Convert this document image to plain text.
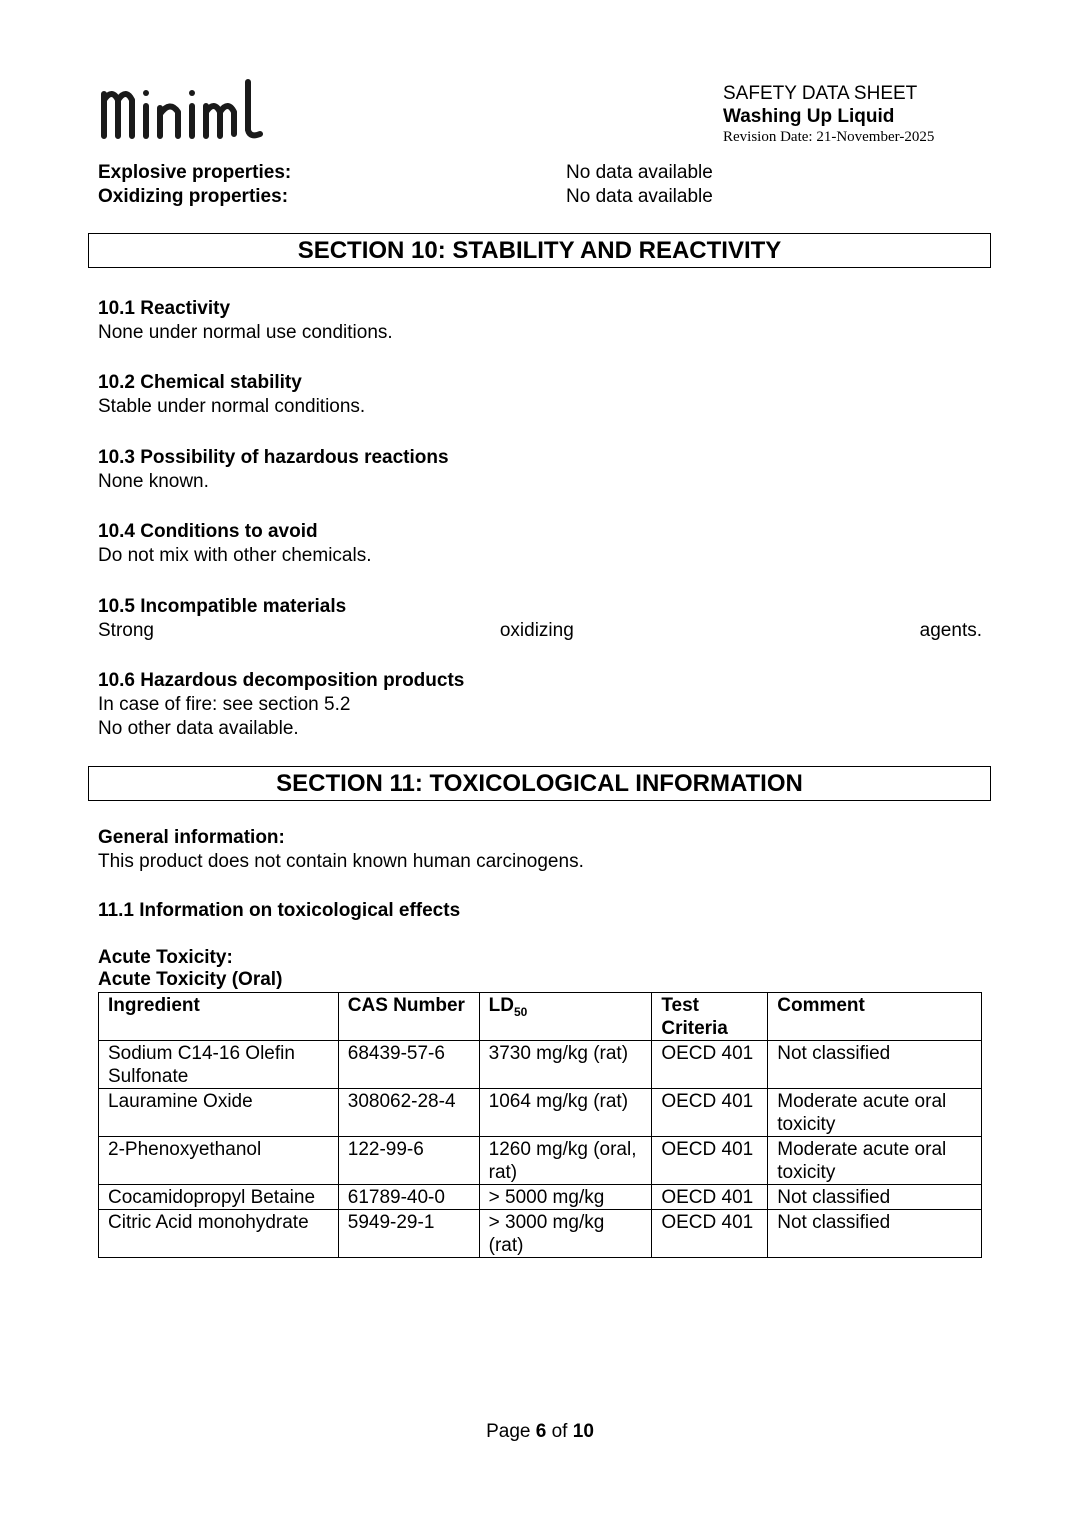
SAFETY DATA SHEET
Washing Up Liquid
Revision Date: 21-November-2025
Explosive properties:	No data available
Oxidizing properties:	No data available
SECTION 10: STABILITY AND REACTIVITY
10.1 Reactivity
None under normal use conditions.
10.2 Chemical stability
Stable under normal conditions.
10.3 Possibility of hazardous reactions
None known.
10.4 Conditions to avoid
Do not mix with other chemicals.
10.5 Incompatible materials
Strong	oxidizing	agents.
10.6 Hazardous decomposition products
In case of fire: see section 5.2
No other data available.
SECTION 11: TOXICOLOGICAL INFORMATION
General information:
This product does not contain known human carcinogens.
11.1 Information on toxicological effects
Acute Toxicity:
Acute Toxicity (Oral)
Ingredient	CAS Number	$LD_{50}$	Test Criteria	Comment
Sodium C14-16 Olefin Sulfonate	68439-57-6	3730 mg/kg (rat)	OECD 401	Not classified
Lauramine Oxide	308062-28-4	1064 mg/kg (rat)	OECD 401	Moderate acute oral toxicity
2-Phenoxyethanol	122-99-6	1260 mg/kg (oral, rat)	OECD 401	Moderate acute oral toxicity
Cocamidopropyl Betaine	61789-40-0	> 5000 mg/kg	OECD 401	Not classified
Citric Acid monohydrate	5949-29-1	> 3000 mg/kg (rat)	OECD 401	Not classified
Page 6 of 10
